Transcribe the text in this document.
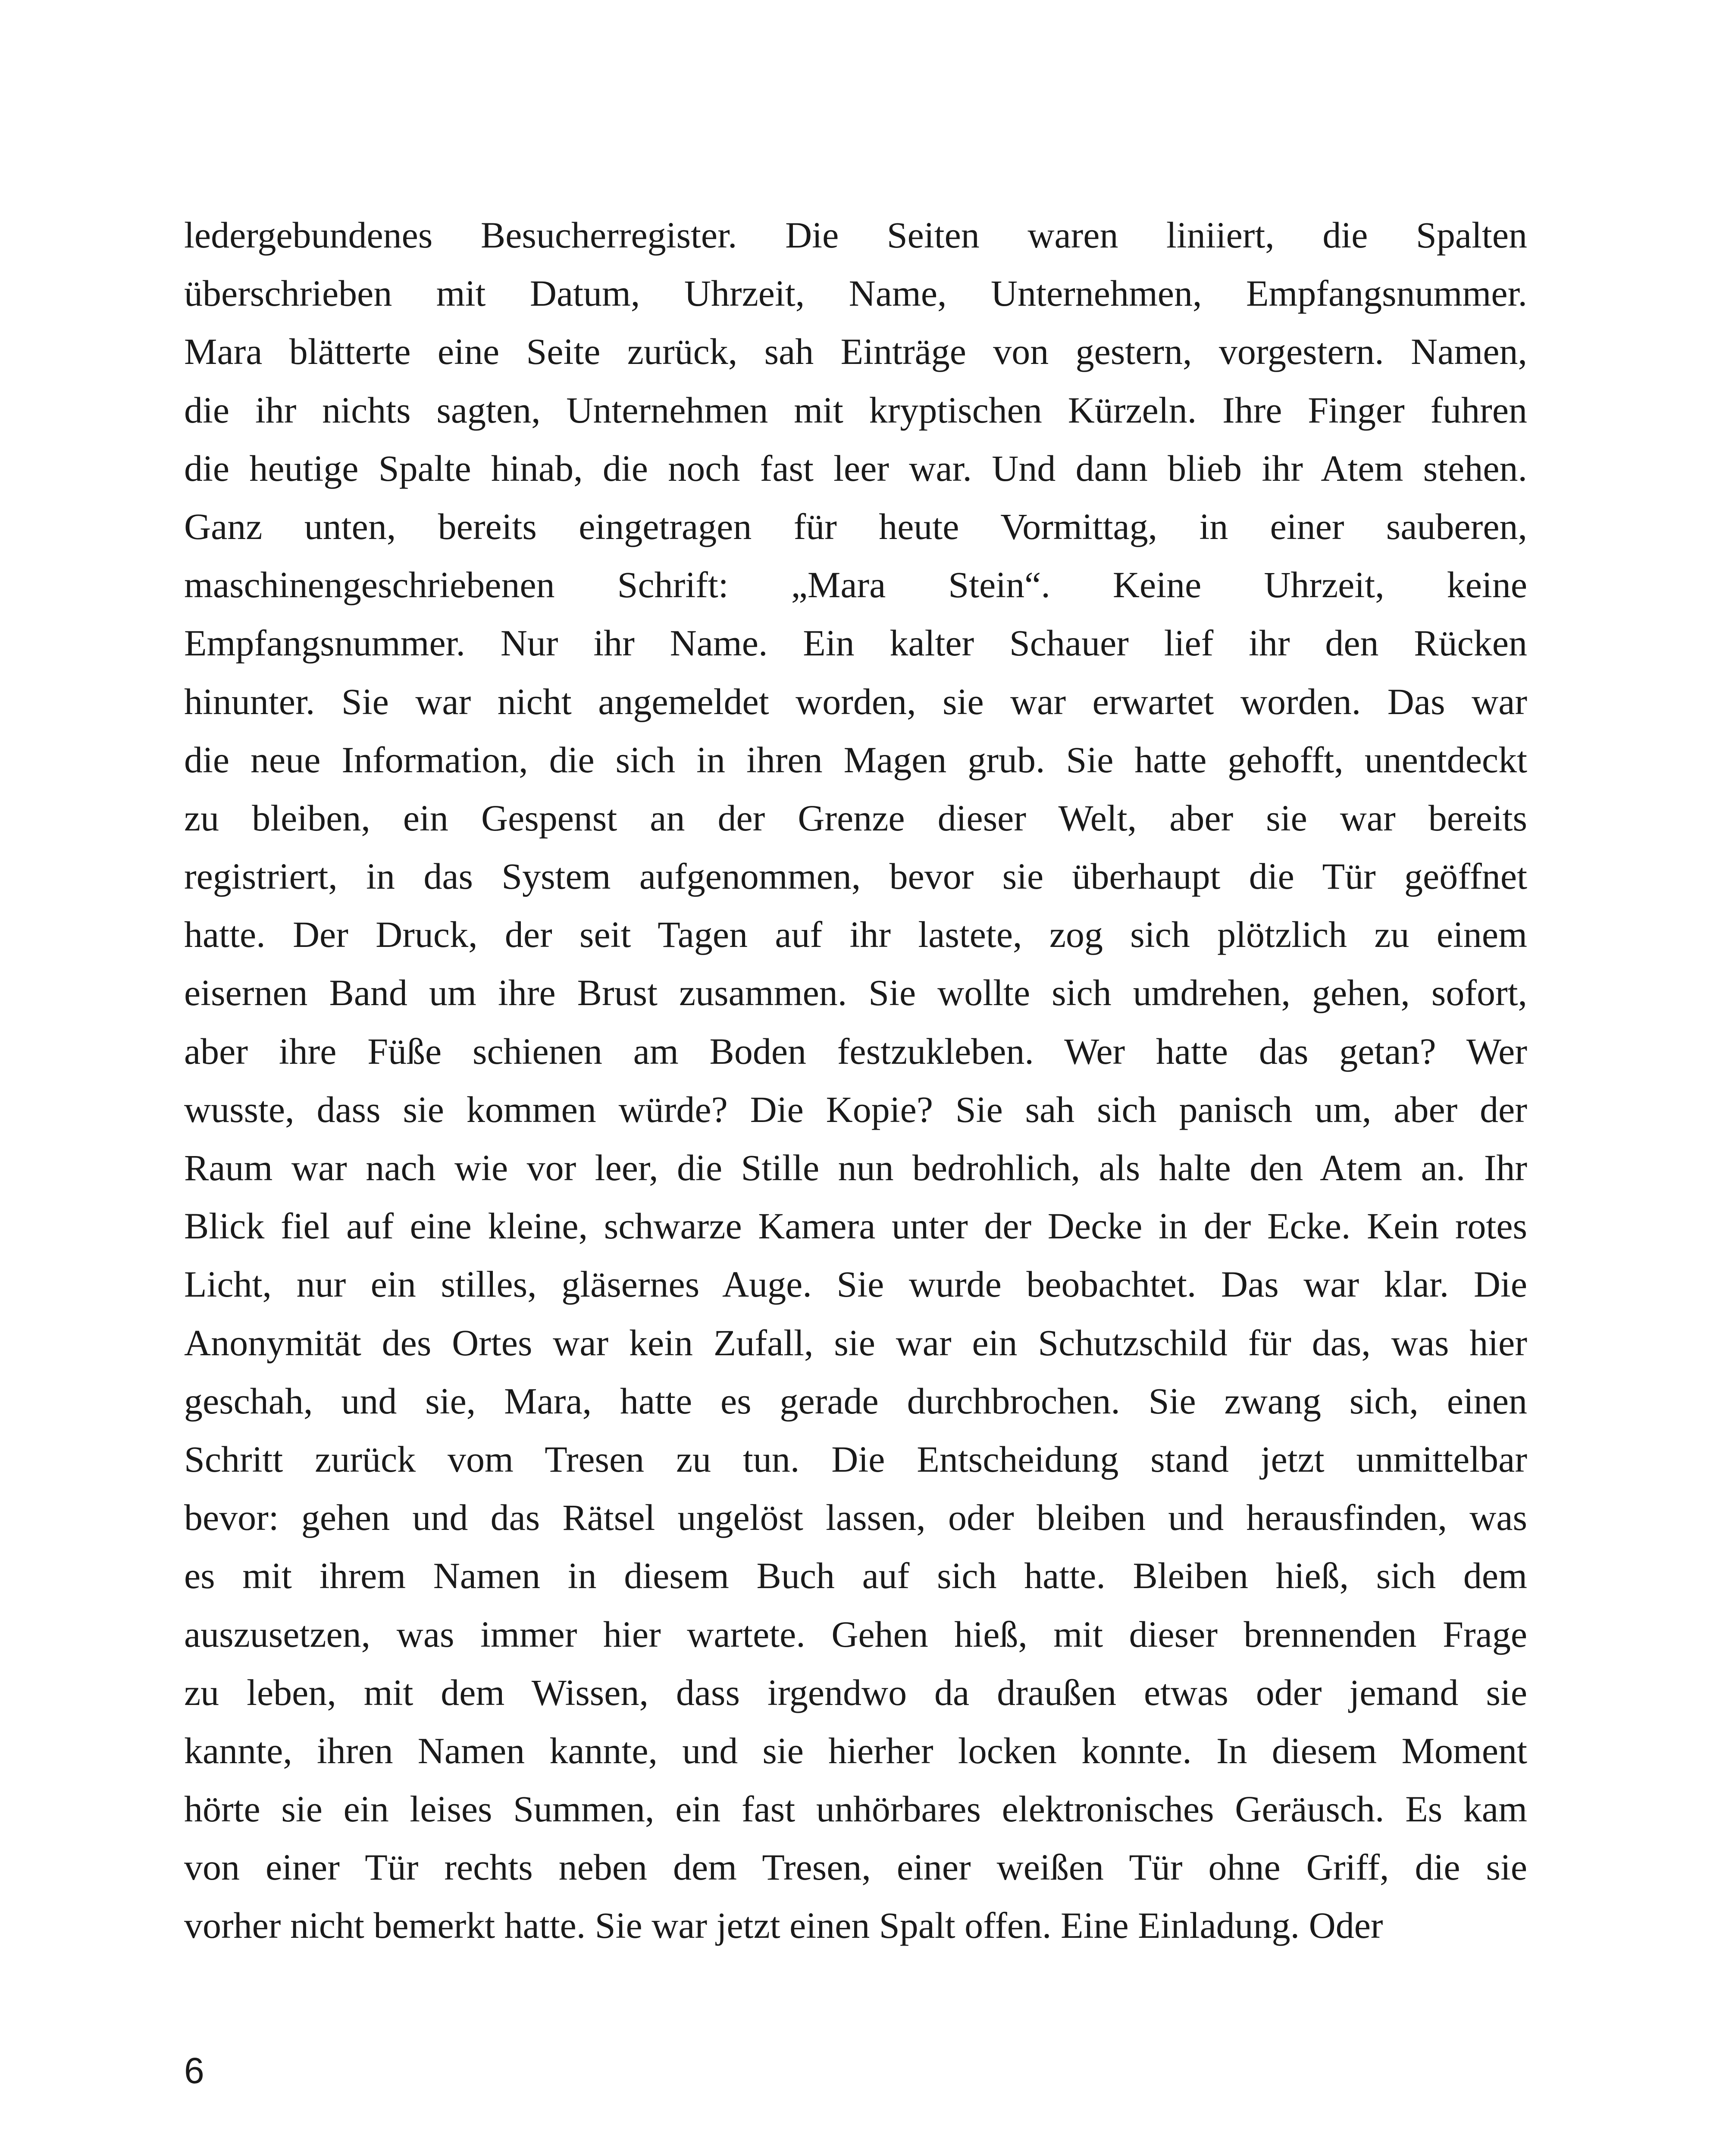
ledergebundenes Besucherregister. Die Seiten waren liniiert, die Spalten
überschrieben mit Datum, Uhrzeit, Name, Unternehmen, Empfangsnummer.
Mara blätterte eine Seite zurück, sah Einträge von gestern, vorgestern. Namen,
die ihr nichts sagten, Unternehmen mit kryptischen Kürzeln. Ihre Finger fuhren
die heutige Spalte hinab, die noch fast leer war. Und dann blieb ihr Atem stehen.
Ganz unten, bereits eingetragen für heute Vormittag, in einer sauberen,
maschinengeschriebenen Schrift: „Mara Stein“. Keine Uhrzeit, keine
Empfangsnummer. Nur ihr Name. Ein kalter Schauer lief ihr den Rücken
hinunter. Sie war nicht angemeldet worden, sie war erwartet worden. Das war
die neue Information, die sich in ihren Magen grub. Sie hatte gehofft, unentdeckt
zu bleiben, ein Gespenst an der Grenze dieser Welt, aber sie war bereits
registriert, in das System aufgenommen, bevor sie überhaupt die Tür geöffnet
hatte. Der Druck, der seit Tagen auf ihr lastete, zog sich plötzlich zu einem
eisernen Band um ihre Brust zusammen. Sie wollte sich umdrehen, gehen, sofort,
aber ihre Füße schienen am Boden festzukleben. Wer hatte das getan? Wer
wusste, dass sie kommen würde? Die Kopie? Sie sah sich panisch um, aber der
Raum war nach wie vor leer, die Stille nun bedrohlich, als halte den Atem an. Ihr
Blick fiel auf eine kleine, schwarze Kamera unter der Decke in der Ecke. Kein rotes
Licht, nur ein stilles, gläsernes Auge. Sie wurde beobachtet. Das war klar. Die
Anonymität des Ortes war kein Zufall, sie war ein Schutzschild für das, was hier
geschah, und sie, Mara, hatte es gerade durchbrochen. Sie zwang sich, einen
Schritt zurück vom Tresen zu tun. Die Entscheidung stand jetzt unmittelbar
bevor: gehen und das Rätsel ungelöst lassen, oder bleiben und herausfinden, was
es mit ihrem Namen in diesem Buch auf sich hatte. Bleiben hieß, sich dem
auszusetzen, was immer hier wartete. Gehen hieß, mit dieser brennenden Frage
zu leben, mit dem Wissen, dass irgendwo da draußen etwas oder jemand sie
kannte, ihren Namen kannte, und sie hierher locken konnte. In diesem Moment
hörte sie ein leises Summen, ein fast unhörbares elektronisches Geräusch. Es kam
von einer Tür rechts neben dem Tresen, einer weißen Tür ohne Griff, die sie
vorher nicht bemerkt hatte. Sie war jetzt einen Spalt offen. Eine Einladung. Oder
6
